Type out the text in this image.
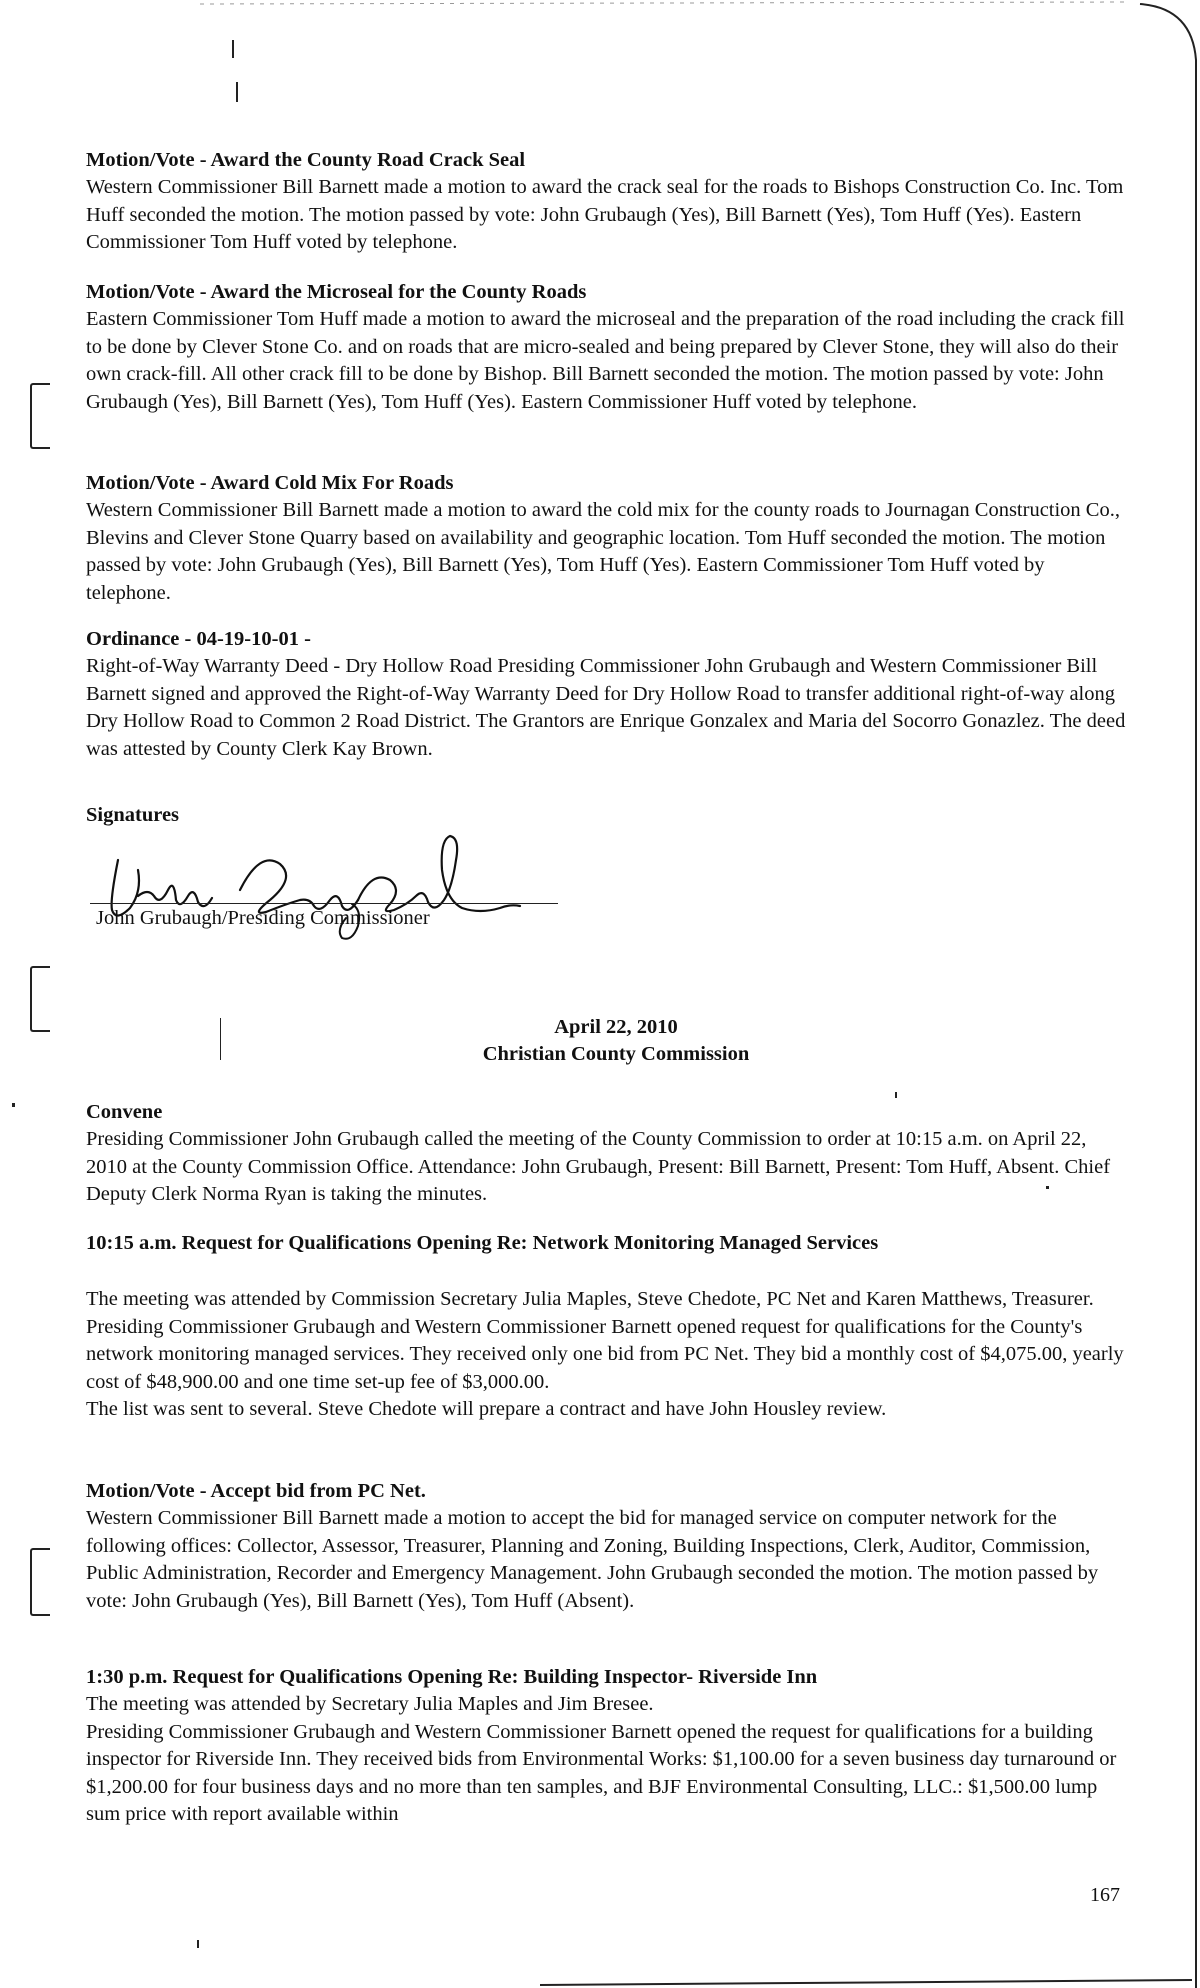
Motion/Vote - Award the County Road Crack Seal

Western Commissioner Bill Barnett made a motion to award the crack seal for the roads to Bishops Construction Co. Inc. Tom Huff seconded the motion. The motion passed by vote: John Grubaugh (Yes), Bill Barnett (Yes), Tom Huff (Yes). Eastern Commissioner Tom Huff voted by telephone.

Motion/Vote - Award the Microseal for the County Roads

Eastern Commissioner Tom Huff made a motion to award the microseal and the preparation of the road including the crack fill to be done by Clever Stone Co. and on roads that are micro-sealed and being prepared by Clever Stone, they will also do their own crack-fill. All other crack fill to be done by Bishop. Bill Barnett seconded the motion. The motion passed by vote: John Grubaugh (Yes), Bill Barnett (Yes), Tom Huff (Yes). Eastern Commissioner Huff voted by telephone.

Motion/Vote - Award Cold Mix For Roads

Western Commissioner Bill Barnett made a motion to award the cold mix for the county roads to Journagan Construction Co., Blevins and Clever Stone Quarry based on availability and geographic location. Tom Huff seconded the motion. The motion passed by vote: John Grubaugh (Yes), Bill Barnett (Yes), Tom Huff (Yes). Eastern Commissioner Tom Huff voted by telephone.

Ordinance - 04-19-10-01 -

Right-of-Way Warranty Deed - Dry Hollow Road Presiding Commissioner John Grubaugh and Western Commissioner Bill Barnett signed and approved the Right-of-Way Warranty Deed for Dry Hollow Road to transfer additional right-of-way along Dry Hollow Road to Common 2 Road District. The Grantors are Enrique Gonzalex and Maria del Socorro Gonazlez. The deed was attested by County Clerk Kay Brown.

Signatures

John Grubaugh/Presiding Commissioner

April 22, 2010

Christian County Commission

Convene

Presiding Commissioner John Grubaugh called the meeting of the County Commission to order at 10:15 a.m. on April 22, 2010 at the County Commission Office. Attendance: John Grubaugh, Present: Bill Barnett, Present: Tom Huff, Absent. Chief Deputy Clerk Norma Ryan is taking the minutes.

10:15 a.m. Request for Qualifications Opening Re: Network Monitoring Managed Services

The meeting was attended by Commission Secretary Julia Maples, Steve Chedote, PC Net and Karen Matthews, Treasurer.

Presiding Commissioner Grubaugh and Western Commissioner Barnett opened request for qualifications for the County's network monitoring managed services. They received only one bid from PC Net. They bid a monthly cost of $4,075.00, yearly cost of $48,900.00 and one time set-up fee of $3,000.00.

The list was sent to several. Steve Chedote will prepare a contract and have John Housley review.

Motion/Vote - Accept bid from PC Net.

Western Commissioner Bill Barnett made a motion to accept the bid for managed service on computer network for the following offices: Collector, Assessor, Treasurer, Planning and Zoning, Building Inspections, Clerk, Auditor, Commission, Public Administration, Recorder and Emergency Management. John Grubaugh seconded the motion. The motion passed by vote: John Grubaugh (Yes), Bill Barnett (Yes), Tom Huff (Absent).

1:30 p.m. Request for Qualifications Opening Re: Building Inspector- Riverside Inn

The meeting was attended by Secretary Julia Maples and Jim Bresee.

Presiding Commissioner Grubaugh and Western Commissioner Barnett opened the request for qualifications for a building inspector for Riverside Inn. They received bids from Environmental Works: $1,100.00 for a seven business day turnaround or $1,200.00 for four business days and no more than ten samples, and BJF Environmental Consulting, LLC.: $1,500.00 lump sum price with report available within

167
